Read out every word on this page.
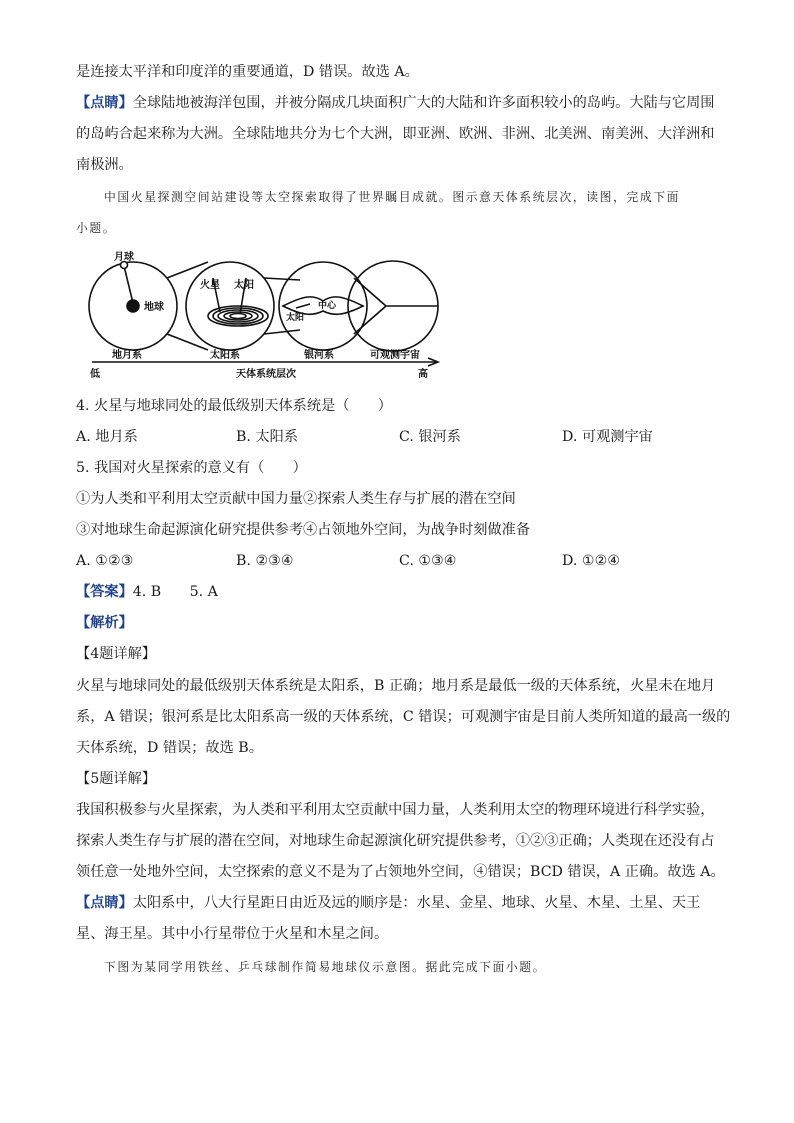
是连接太平洋和印度洋的重要通道，D 错误。故选 A。
【点睛】全球陆地被海洋包围，并被分隔成几块面积广大的大陆和许多面积较小的岛屿。大陆与它周围
的岛屿合起来称为大洲。全球陆地共分为七个大洲，即亚洲、欧洲、非洲、北美洲、南美洲、大洋洲和
南极洲。
中国火星探测空间站建设等太空探索取得了世界瞩目成就。图示意天体系统层次，读图，完成下面
小题。
月球
地球
火星 太阳
中心
太阳
地月系	太阳系	银河系	可观测宇宙
低	天体系统层次	高
4. 火星与地球同处的最低级别天体系统是（　　）
A. 地月系	B. 太阳系	C. 银河系	D. 可观测宇宙
5. 我国对火星探索的意义有（　　）
①为人类和平利用太空贡献中国力量②探索人类生存与扩展的潜在空间
③对地球生命起源演化研究提供参考④占领地外空间，为战争时刻做准备
A. ①②③	B. ②③④	C. ①③④	D. ①②④
【答案】4. B　　5. A
【解析】
【4题详解】
火星与地球同处的最低级别天体系统是太阳系，B 正确；地月系是最低一级的天体系统，火星未在地月
系，A 错误；银河系是比太阳系高一级的天体系统，C 错误；可观测宇宙是目前人类所知道的最高一级的
天体系统，D 错误；故选 B。
【5题详解】
我国积极参与火星探索，为人类和平利用太空贡献中国力量，人类利用太空的物理环境进行科学实验，
探索人类生存与扩展的潜在空间，对地球生命起源演化研究提供参考，①②③正确；人类现在还没有占
领任意一处地外空间，太空探索的意义不是为了占领地外空间，④错误；BCD 错误，A 正确。故选 A。
【点睛】太阳系中，八大行星距日由近及远的顺序是：水星、金星、地球、火星、木星、土星、天王
星、海王星。其中小行星带位于火星和木星之间。
下图为某同学用铁丝、乒乓球制作简易地球仪示意图。据此完成下面小题。
